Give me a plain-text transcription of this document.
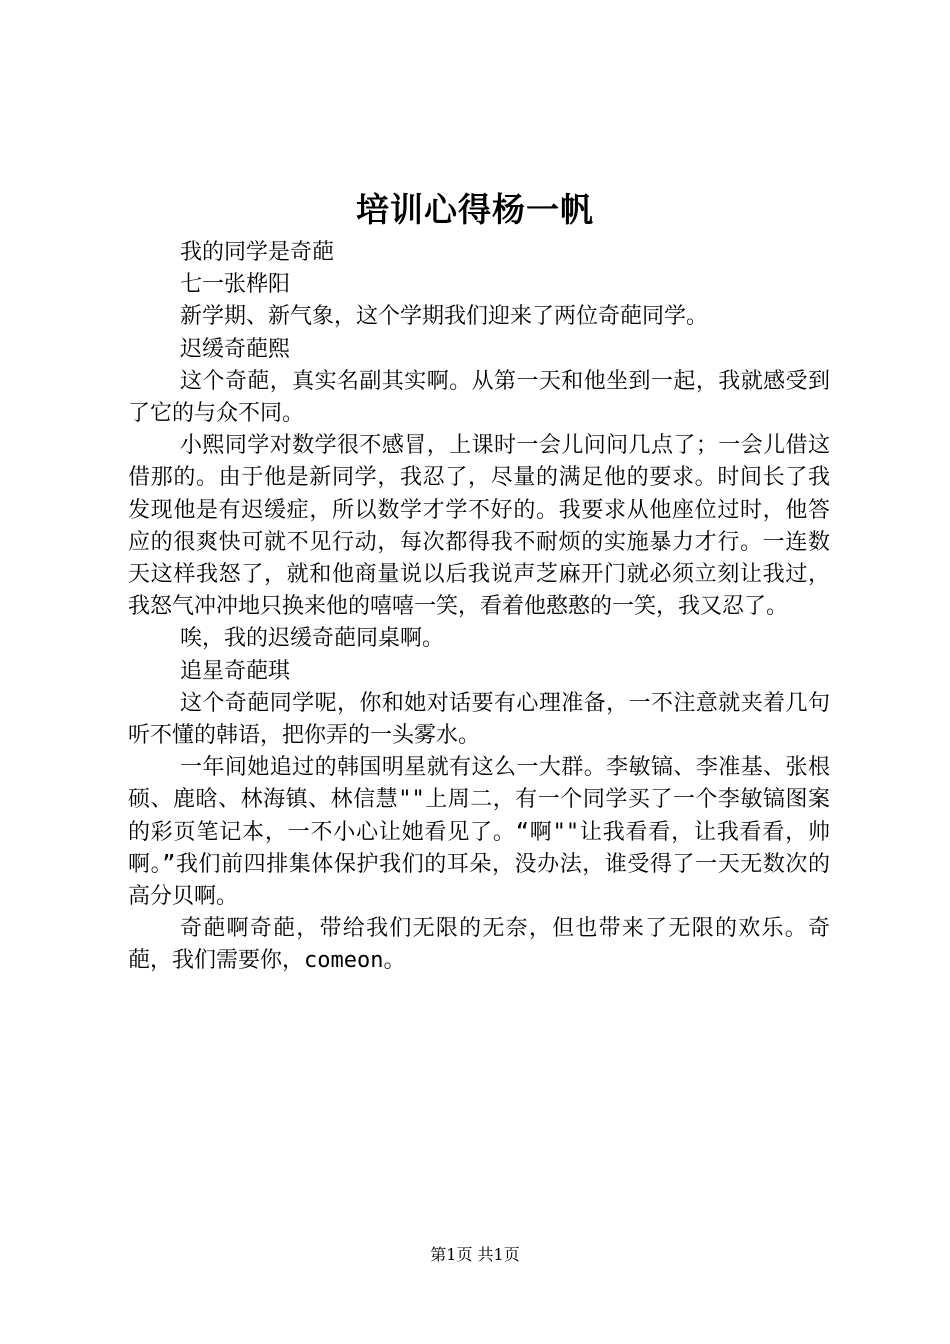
培训心得杨一帆

我的同学是奇葩

七一张桦阳

新学期、新气象，这个学期我们迎来了两位奇葩同学。

迟缓奇葩熙

这个奇葩，真实名副其实啊。从第一天和他坐到一起，我就感受到了它的与众不同。

小熙同学对数学很不感冒，上课时一会儿问问几点了；一会儿借这借那的。由于他是新同学，我忍了，尽量的满足他的要求。时间长了我发现他是有迟缓症，所以数学才学不好的。我要求从他座位过时，他答应的很爽快可就不见行动，每次都得我不耐烦的实施暴力才行。一连数天这样我怒了，就和他商量说以后我说声芝麻开门就必须立刻让我过，我怒气冲冲地只换来他的嘻嘻一笑，看着他憨憨的一笑，我又忍了。

唉，我的迟缓奇葩同桌啊。

追星奇葩琪

这个奇葩同学呢，你和她对话要有心理准备，一不注意就夹着几句听不懂的韩语，把你弄的一头雾水。

一年间她追过的韩国明星就有这么一大群。李敏镐、李准基、张根硕、鹿晗、林海镇、林信慧""上周二，有一个同学买了一个李敏镐图案的彩页笔记本，一不小心让她看见了。“啊""让我看看，让我看看，帅啊。”我们前四排集体保护我们的耳朵，没办法，谁受得了一天无数次的高分贝啊。

奇葩啊奇葩，带给我们无限的无奈，但也带来了无限的欢乐。奇葩，我们需要你，comeon。

第1页 共1页
